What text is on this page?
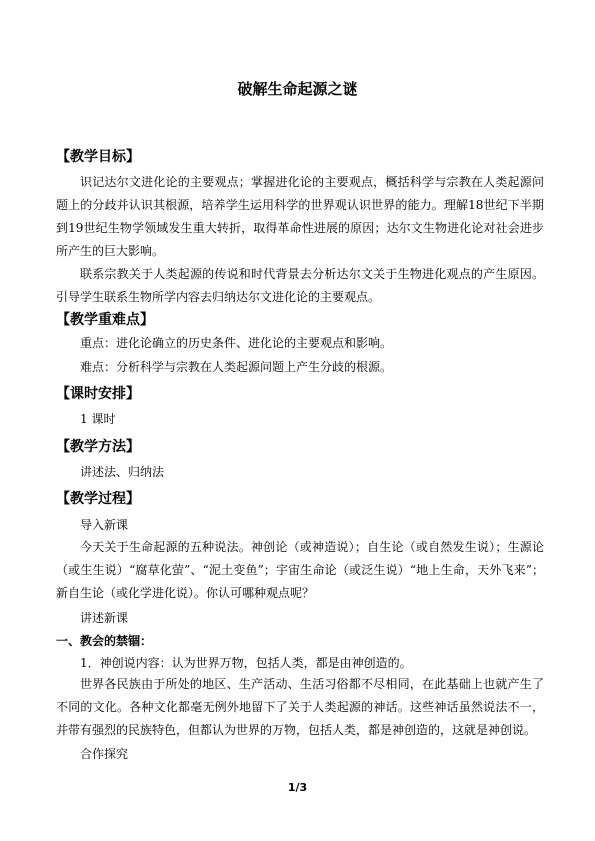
破解生命起源之谜
【教学目标】
识记达尔文进化论的主要观点；掌握进化论的主要观点，概括科学与宗教在人类起源问题上的分歧并认识其根源，培养学生运用科学的世界观认识世界的能力。理解18世纪下半期到19世纪生物学领域发生重大转折，取得革命性进展的原因；达尔文生物进化论对社会进步所产生的巨大影响。
联系宗教关于人类起源的传说和时代背景去分析达尔文关于生物进化观点的产生原因。引导学生联系生物所学内容去归纳达尔文进化论的主要观点。
【教学重难点】
重点：进化论确立的历史条件、进化论的主要观点和影响。
难点：分析科学与宗教在人类起源问题上产生分歧的根源。
【课时安排】
1 课时
【教学方法】
讲述法、归纳法
【教学过程】
导入新课
今天关于生命起源的五种说法。神创论（或神造说）；自生论（或自然发生说）；生源论（或生生说）“腐草化萤”、“泥土变鱼”；宇宙生命论（或泛生说）“地上生命，天外飞来”；新自生论（或化学进化说）。你认可哪种观点呢？
讲述新课
一、教会的禁锢：
1．神创说内容：认为世界万物，包括人类，都是由神创造的。
世界各民族由于所处的地区、生产活动、生活习俗都不尽相同，在此基础上也就产生了不同的文化。各种文化都毫无例外地留下了关于人类起源的神话。这些神话虽然说法不一，并带有强烈的民族特色，但都认为世界的万物，包括人类，都是神创造的，这就是神创说。
合作探究
1/3
